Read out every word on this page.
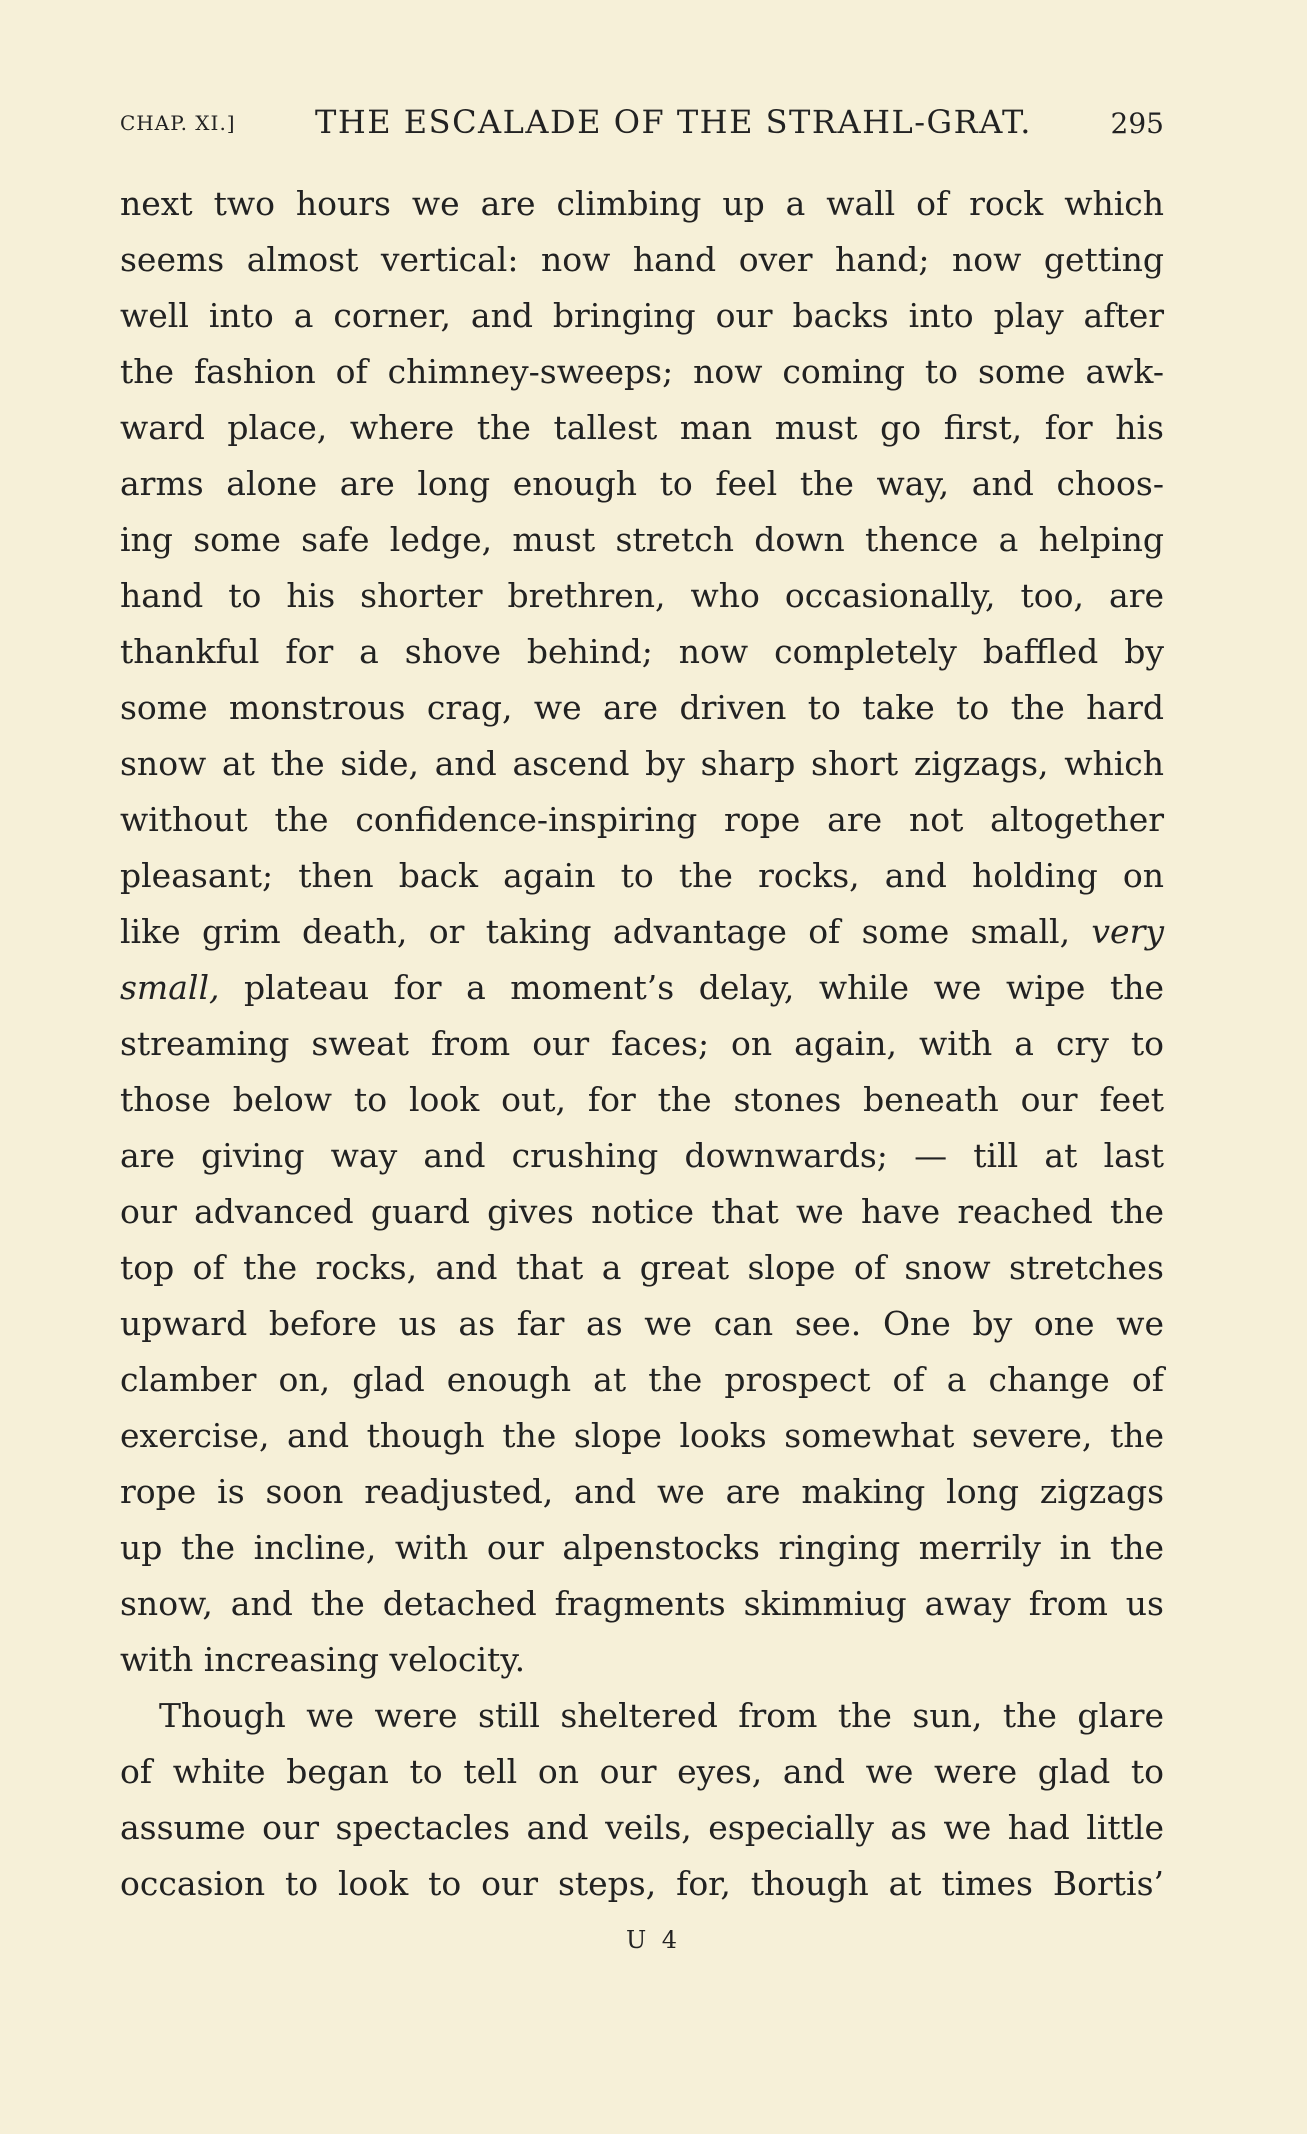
CHAP. XI.] THE ESCALADE OF THE STRAHL-GRAT.	295
next two hours we are climbing up a wall of rock which
seems almost vertical: now hand over hand; now getting
well into a corner, and bringing our backs into play after
the fashion of chimney-sweeps; now coming to some awk-
ward place, where the tallest man must go first, for his
arms alone are long enough to feel the way, and choos-
ing some safe ledge, must stretch down thence a helping
hand to his shorter brethren, who occasionally, too, are
thankful for a shove behind; now completely baffled by
some monstrous crag, we are driven to take to the hard
snow at the side, and ascend by sharp short zigzags, which
without the confidence-inspiring rope are not altogether
pleasant; then back again to the rocks, and holding on
like grim death, or taking advantage of some small, very
small, plateau for a moment’s delay, while we wipe the
streaming sweat from our faces; on again, with a cry to
those below to look out, for the stones beneath our feet
are giving way and crushing downwards; — till at last
our advanced guard gives notice that we have reached the
top of the rocks, and that a great slope of snow stretches
upward before us as far as we can see. One by one we
clamber on, glad enough at the prospect of a change of
exercise, and though the slope looks somewhat severe, the
rope is soon readjusted, and we are making long zigzags
up the incline, with our alpenstocks ringing merrily in the
snow, and the detached fragments skimmiug away from us
with increasing velocity.
Though we were still sheltered from the sun, the glare
of white began to tell on our eyes, and we were glad to
assume our spectacles and veils, especially as we had little
occasion to look to our steps, for, though at times Bortis’
U 4
